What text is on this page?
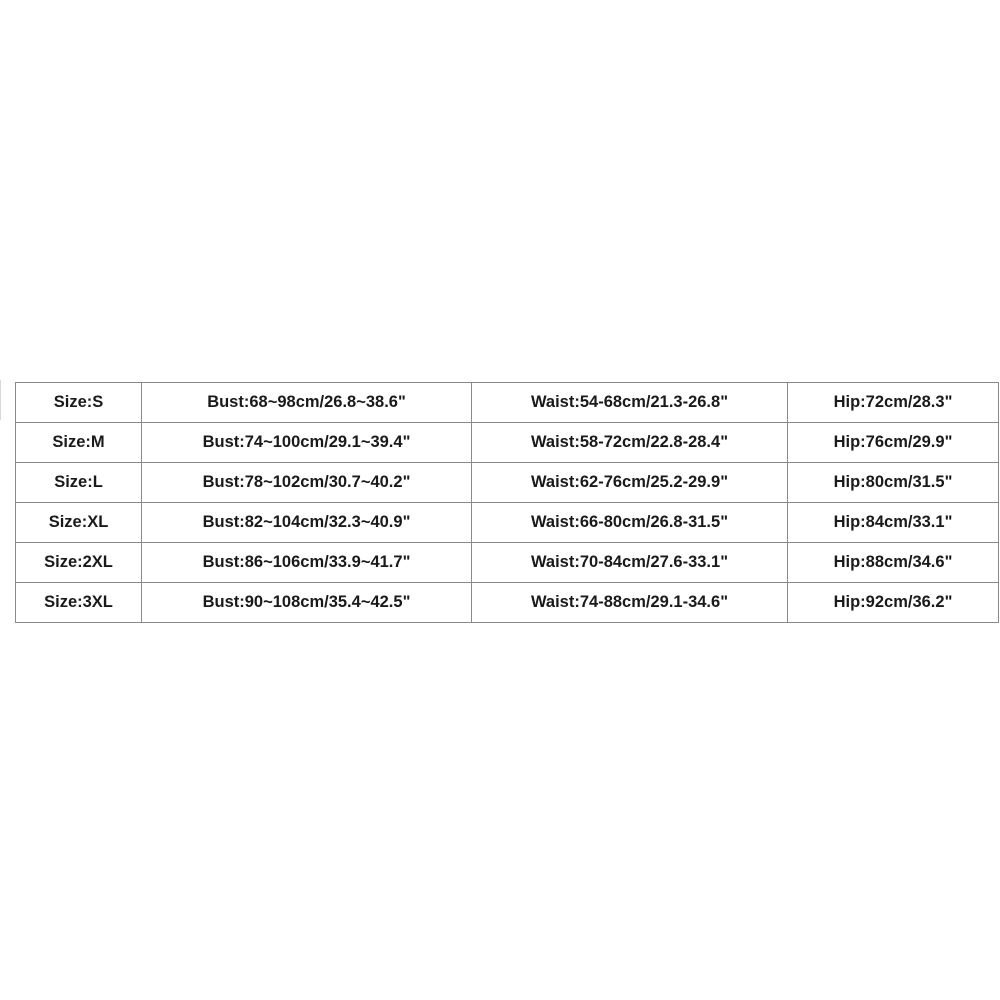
Size:S	Bust:68~98cm/26.8~38.6"	Waist:54-68cm/21.3-26.8"	Hip:72cm/28.3"
Size:M	Bust:74~100cm/29.1~39.4"	Waist:58-72cm/22.8-28.4"	Hip:76cm/29.9"
Size:L	Bust:78~102cm/30.7~40.2"	Waist:62-76cm/25.2-29.9"	Hip:80cm/31.5"
Size:XL	Bust:82~104cm/32.3~40.9"	Waist:66-80cm/26.8-31.5"	Hip:84cm/33.1"
Size:2XL	Bust:86~106cm/33.9~41.7"	Waist:70-84cm/27.6-33.1"	Hip:88cm/34.6"
Size:3XL	Bust:90~108cm/35.4~42.5"	Waist:74-88cm/29.1-34.6"	Hip:92cm/36.2"
